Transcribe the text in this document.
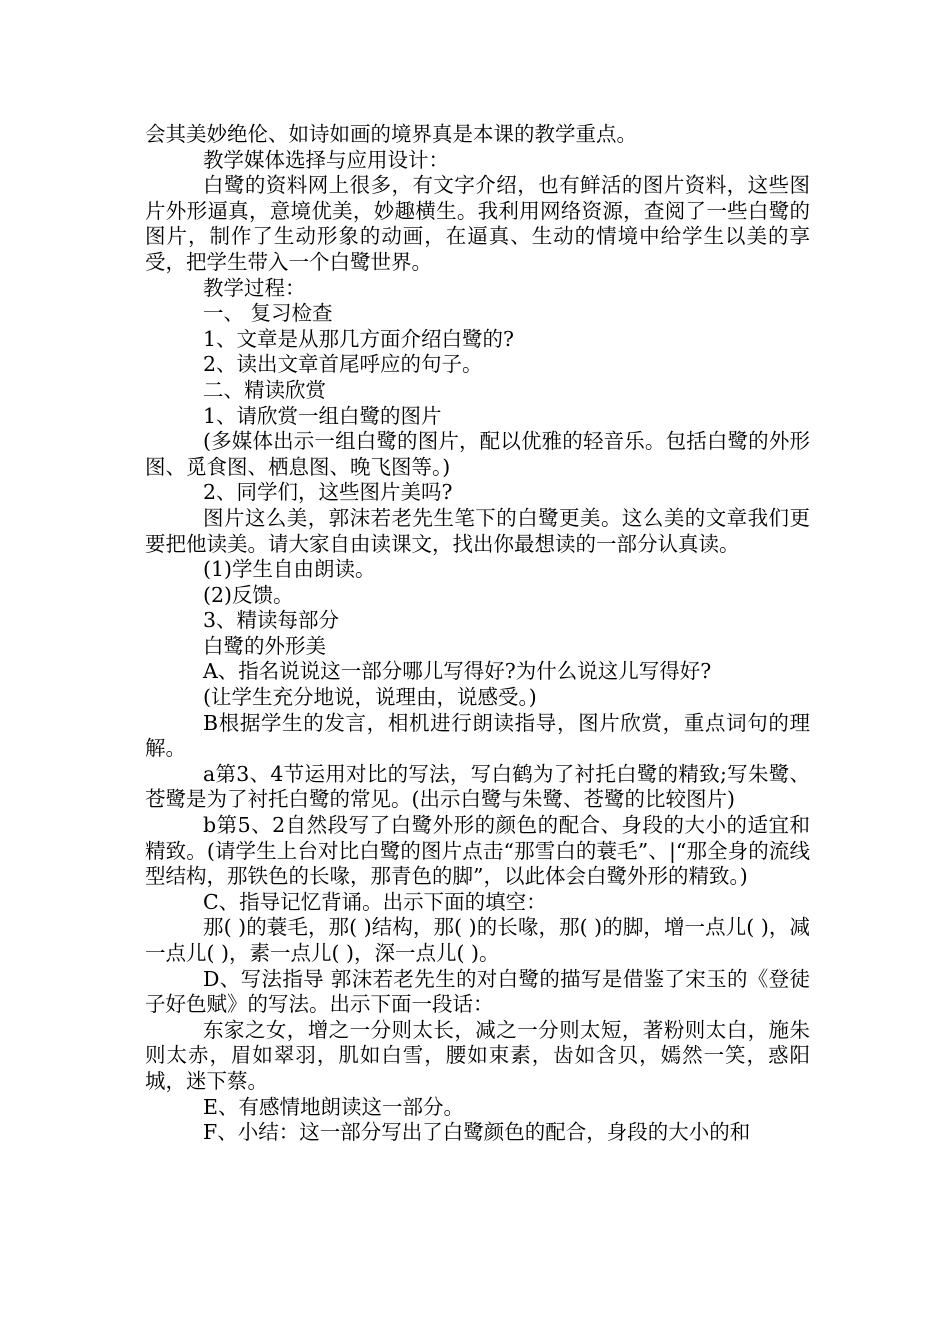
会其美妙绝伦、如诗如画的境界真是本课的教学重点。

教学媒体选择与应用设计：

白鹭的资料网上很多，有文字介绍，也有鲜活的图片资料，这些图片外形逼真，意境优美，妙趣横生。我利用网络资源，查阅了一些白鹭的图片，制作了生动形象的动画，在逼真、生动的情境中给学生以美的享受，把学生带入一个白鹭世界。

教学过程：

一、 复习检查

1、文章是从那几方面介绍白鹭的?

2、读出文章首尾呼应的句子。

二、精读欣赏

1、请欣赏一组白鹭的图片

(多媒体出示一组白鹭的图片，配以优雅的轻音乐。包括白鹭的外形图、觅食图、栖息图、晚飞图等。)

2、同学们，这些图片美吗?

图片这么美，郭沫若老先生笔下的白鹭更美。这么美的文章我们更要把他读美。请大家自由读课文，找出你最想读的一部分认真读。

(1)学生自由朗读。

(2)反馈。

3、精读每部分

白鹭的外形美

A、指名说说这一部分哪儿写得好?为什么说这儿写得好?

(让学生充分地说，说理由，说感受。)

B根据学生的发言，相机进行朗读指导，图片欣赏，重点词句的理解。

a第3、4节运用对比的写法，写白鹤为了衬托白鹭的精致;写朱鹭、苍鹭是为了衬托白鹭的常见。(出示白鹭与朱鹭、苍鹭的比较图片)

b第5、2自然段写了白鹭外形的颜色的配合、身段的大小的适宜和精致。(请学生上台对比白鹭的图片点击“那雪白的蓑毛”、|“那全身的流线型结构，那铁色的长喙，那青色的脚”，以此体会白鹭外形的精致。)

C、指导记忆背诵。出示下面的填空：

那( )的蓑毛，那( )结构，那( )的长喙，那( )的脚，增一点儿( )，减一点儿( )，素一点儿( )，深一点儿( )。

D、写法指导 郭沫若老先生的对白鹭的描写是借鉴了宋玉的《登徒子好色赋》的写法。出示下面一段话：

东家之女，增之一分则太长，减之一分则太短，著粉则太白，施朱则太赤，眉如翠羽，肌如白雪，腰如束素，齿如含贝，嫣然一笑，惑阳城，迷下蔡。

E、有感情地朗读这一部分。

F、小结：这一部分写出了白鹭颜色的配合，身段的大小的和
